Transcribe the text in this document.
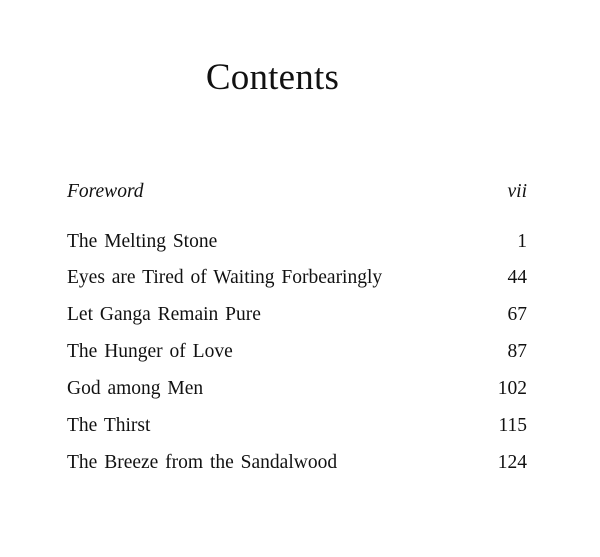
Contents
Foreword	vii
The Melting Stone	1
Eyes are Tired of Waiting Forbearingly	44
Let Ganga Remain Pure	67
The Hunger of Love	87
God among Men	102
The Thirst	115
The Breeze from the Sandalwood	124
